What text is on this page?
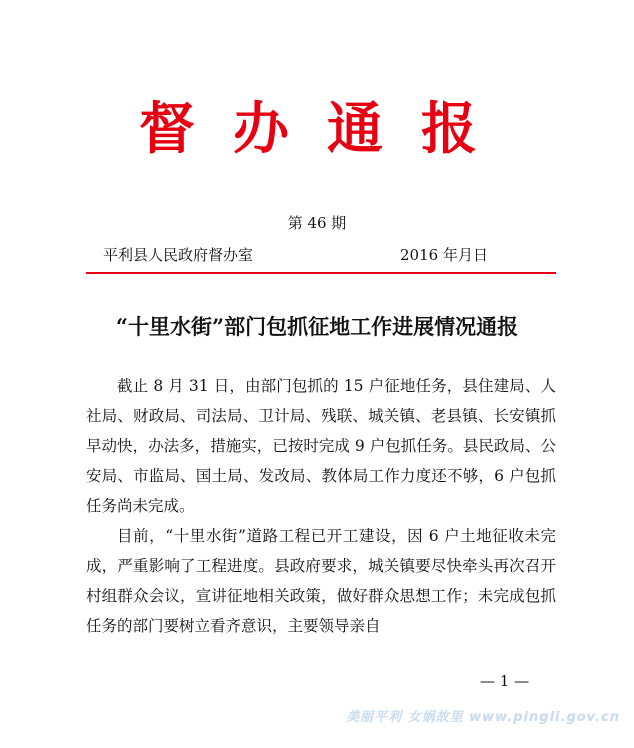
督办通报
第 46 期
平利县人民政府督办室	2016 年月日
“十里水街”部门包抓征地工作进展情况通报

截止 8 月 31 日，由部门包抓的 15 户征地任务，县住建局、人社局、财政局、司法局、卫计局、残联、城关镇、老县镇、长安镇抓早动快，办法多，措施实，已按时完成 9 户包抓任务。县民政局、公安局、市监局、国土局、发改局、教体局工作力度还不够，6 户包抓任务尚未完成。

目前，“十里水街”道路工程已开工建设，因 6 户土地征收未完成，严重影响了工程进度。县政府要求，城关镇要尽快牵头再次召开村组群众会议，宣讲征地相关政策，做好群众思想工作；未完成包抓任务的部门要树立看齐意识，主要领导亲自

— 1 —
美丽平利 女娲故里 www.pingli.gov.cn
